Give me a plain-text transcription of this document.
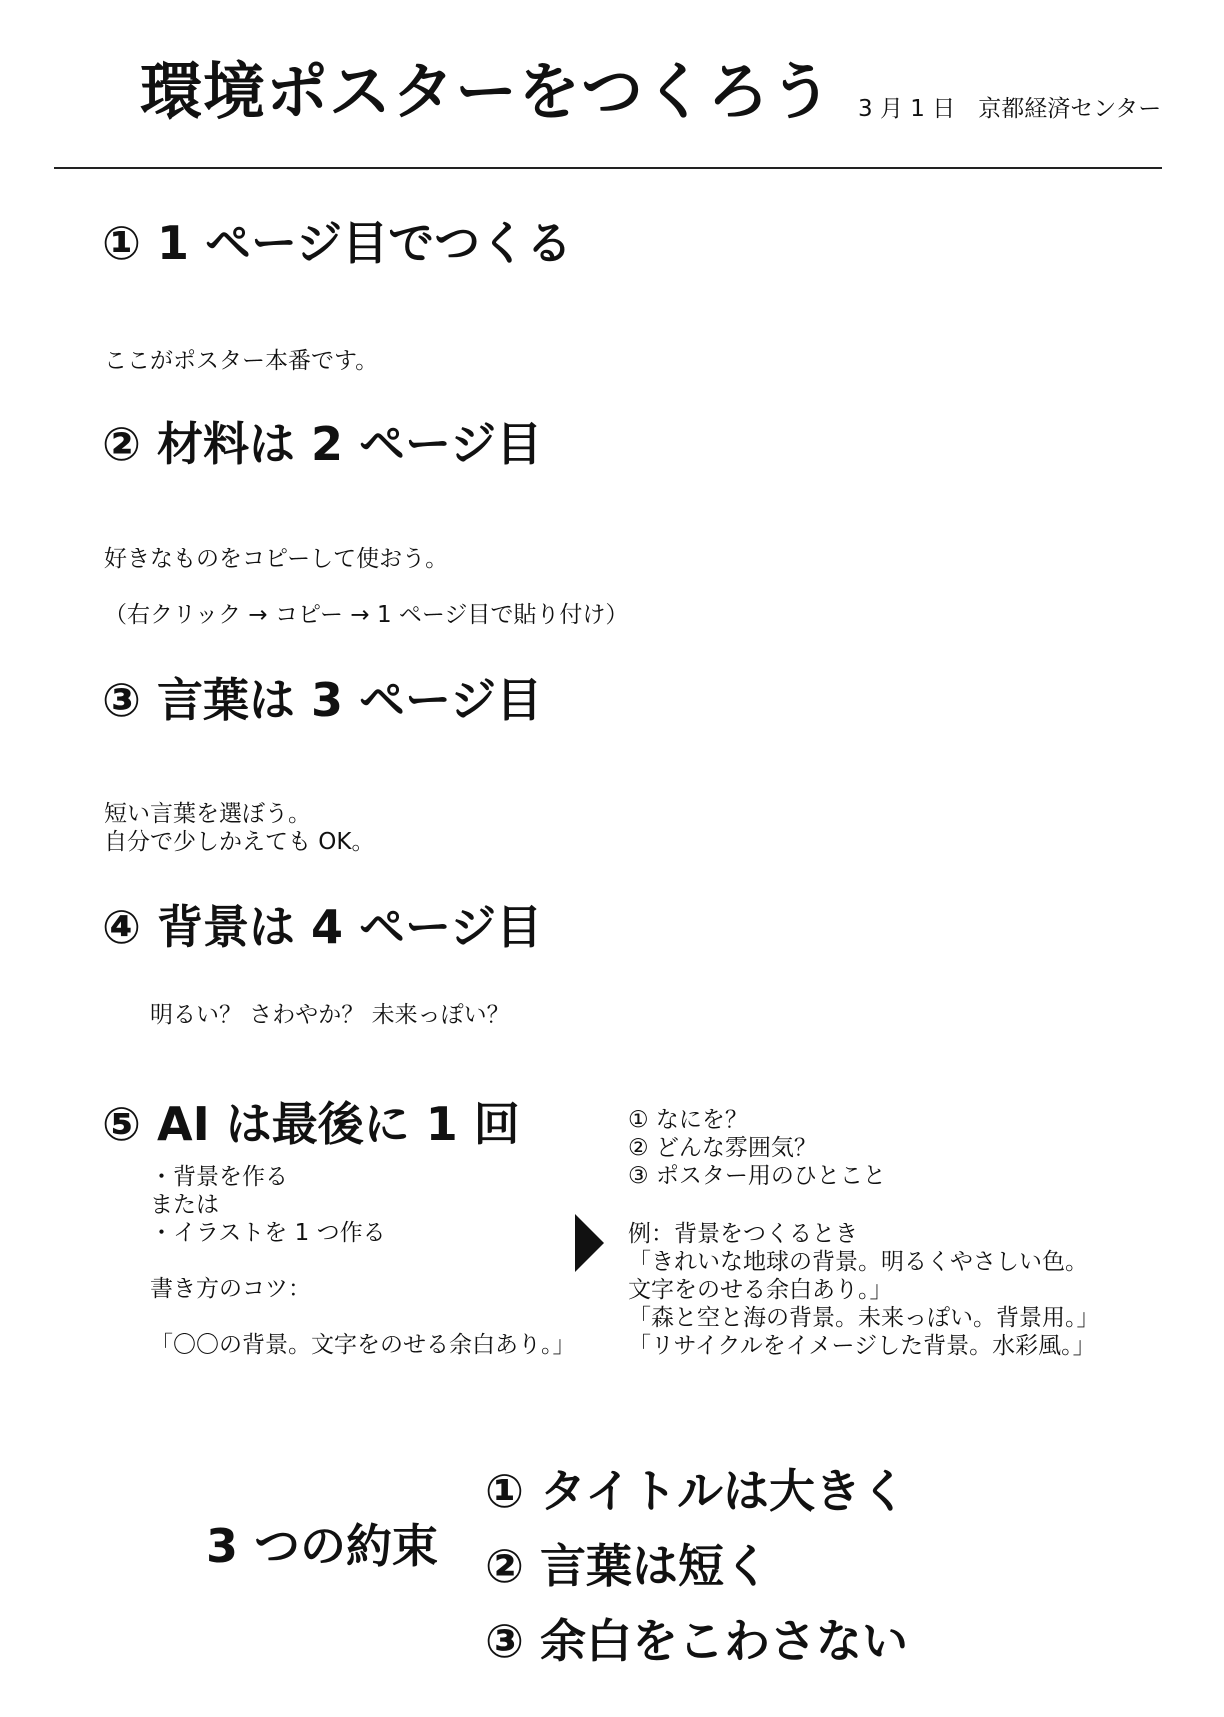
環境ポスターをつくろう 3 月 1 日　京都経済センター
① 1 ページ目でつくる
ここがポスター本番です。
② 材料は 2 ページ目
好きなものをコピーして使おう。
（右クリック → コピー → 1 ページ目で貼り付け）
③ 言葉は 3 ページ目
短い言葉を選ぼう。
自分で少しかえても OK。
④ 背景は 4 ページ目
明るい？ さわやか？ 未来っぽい？
⑤ AI は最後に 1 回
・背景を作る
または
・イラストを 1 つ作る

書き方のコツ：

「〇〇の背景。文字をのせる余白あり。」
① なにを？
② どんな雰囲気？
③ ポスター用のひとこと
例：背景をつくるとき
「きれいな地球の背景。明るくやさしい色。
文字をのせる余白あり。」
「森と空と海の背景。未来っぽい。背景用。」
「リサイクルをイメージした背景。水彩風。」
3 つの約束
① タイトルは大きく
② 言葉は短く
③ 余白をこわさない
